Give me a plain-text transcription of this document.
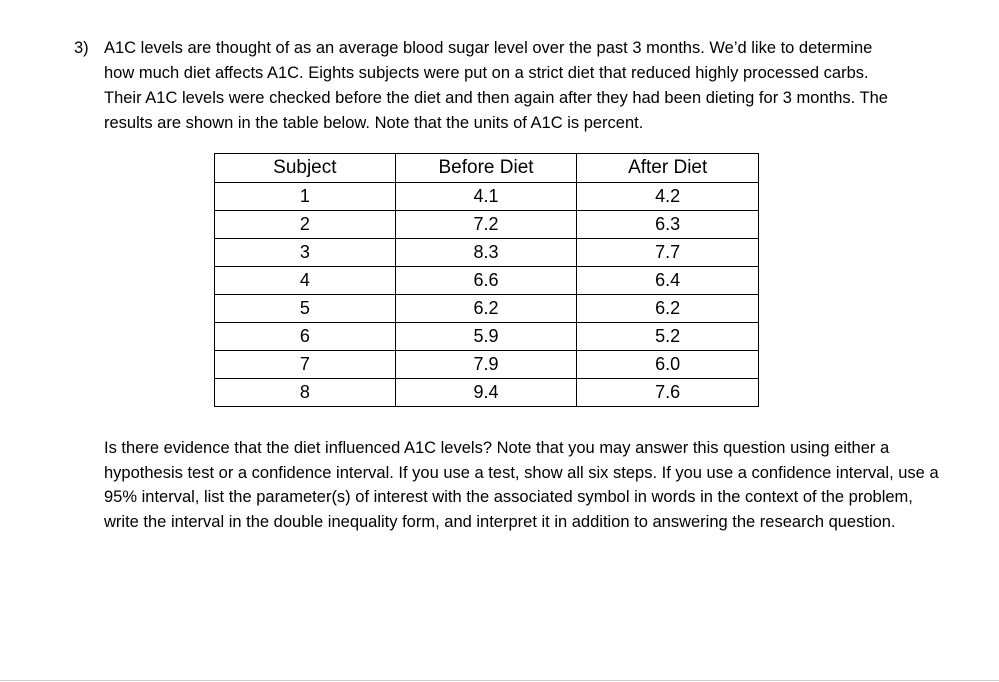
3) A1C levels are thought of as an average blood sugar level over the past 3 months. We’d like to determine how much diet affects A1C. Eights subjects were put on a strict diet that reduced highly processed carbs. Their A1C levels were checked before the diet and then again after they had been dieting for 3 months. The results are shown in the table below. Note that the units of A1C is percent.
Subject	Before Diet	After Diet
1	4.1	4.2
2	7.2	6.3
3	8.3	7.7
4	6.6	6.4
5	6.2	6.2
6	5.9	5.2
7	7.9	6.0
8	9.4	7.6
Is there evidence that the diet influenced A1C levels? Note that you may answer this question using either a hypothesis test or a confidence interval. If you use a test, show all six steps. If you use a confidence interval, use a 95% interval, list the parameter(s) of interest with the associated symbol in words in the context of the problem, write the interval in the double inequality form, and interpret it in addition to answering the research question.
